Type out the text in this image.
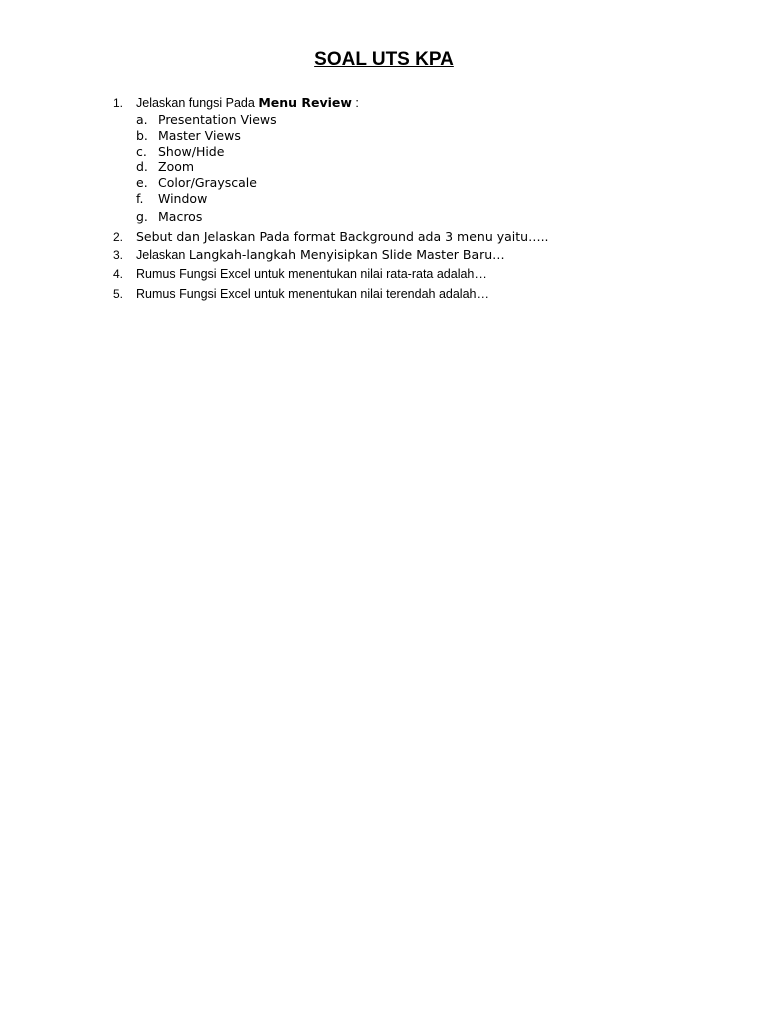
SOAL UTS KPA
1. Jelaskan fungsi Pada Menu Review :
a. Presentation Views
b. Master Views
c. Show/Hide
d. Zoom
e. Color/Grayscale
f. Window
g. Macros
2. Sebut dan Jelaskan Pada format Background ada 3 menu yaitu…..
3. Jelaskan Langkah-langkah Menyisipkan Slide Master Baru…
4. Rumus Fungsi Excel untuk menentukan nilai rata-rata adalah…
5. Rumus Fungsi Excel untuk menentukan nilai terendah adalah…
